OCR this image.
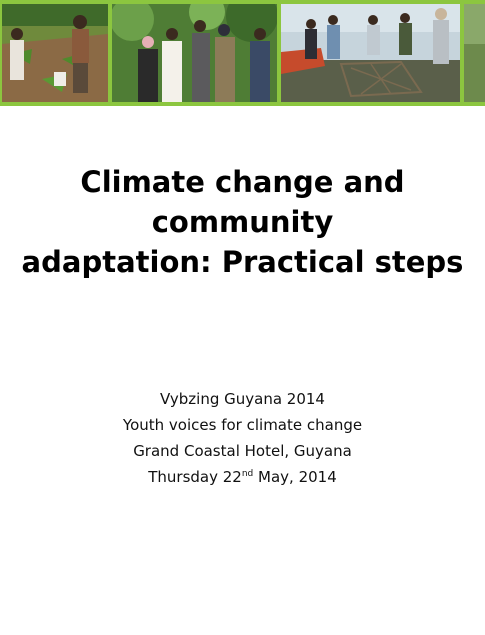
Climate change and community
adaptation: Practical steps
Vybzing Guyana 2014
Youth voices for climate change
Grand Coastal Hotel, Guyana
Thursday 22nd May, 2014
